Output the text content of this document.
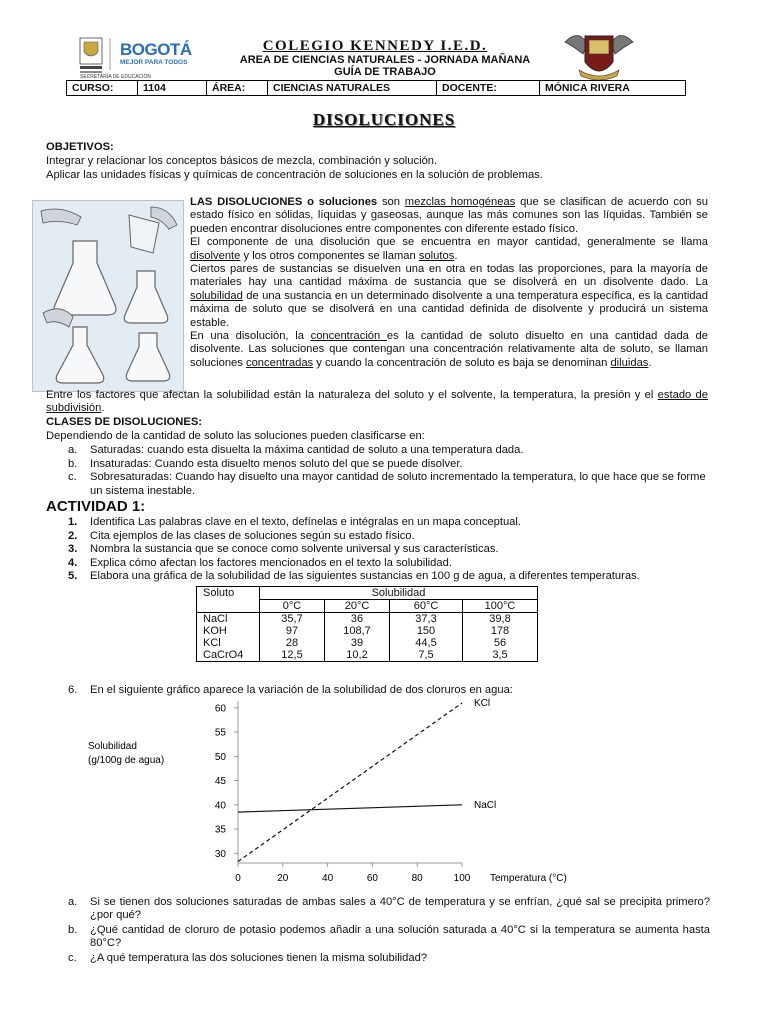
BOGOTÁ
MEJOR PARA TODOS
SECRETARÍA DE EDUCACIÓN
COLEGIO KENNEDY I.E.D.
AREA DE CIENCIAS NATURALES - JORNADA MAÑANA
GUÍA DE TRABAJO
CURSO:	1104	ÁREA:	CIENCIAS NATURALES	DOCENTE:	MÓNICA RIVERA
DISOLUCIONES
OBJETIVOS:
Integrar y relacionar los conceptos básicos de mezcla, combinación y solución.
Aplicar las unidades físicas y químicas de concentración de soluciones en la solución de problemas.
LAS DISOLUCIONES o soluciones son mezclas homogéneas que se clasifican de acuerdo con su estado físico en sólidas, líquidas y gaseosas, aunque las más comunes son las líquidas. También se pueden encontrar disoluciones entre componentes con diferente estado físico.
El componente de una disolución que se encuentra en mayor cantidad, generalmente se llama disolvente y los otros componentes se llaman solutos.
Ciertos pares de sustancias se disuelven una en otra en todas las proporciones, para la mayoría de materiales hay una cantidad máxima de sustancia que se disolverá en un disolvente dado. La solubilidad de una sustancia en un determinado disolvente a una temperatura específica, es la cantidad máxima de soluto que se disolverá en una cantidad definida de disolvente y producirá un sistema estable.
En una disolución, la concentración es la cantidad de soluto disuelto en una cantidad dada de disolvente. Las soluciones que contengan una concentración relativamente alta de soluto, se llaman soluciones concentradas y cuando la concentración de soluto es baja se denominan diluidas.
Entre los factores que afectan la solubilidad están la naturaleza del soluto y el solvente, la temperatura, la presión y el estado de subdivisión.
CLASES DE DISOLUCIONES:
Dependiendo de la cantidad de soluto las soluciones pueden clasificarse en:
a. Saturadas: cuando esta disuelta la máxima cantidad de soluto a una temperatura dada.
b. Insaturadas: Cuando esta disuelto menos soluto del que se puede disolver.
c. Sobresaturadas: Cuando hay disuelto una mayor cantidad de soluto incrementado la temperatura, lo que hace que se forme un sistema inestable.
ACTIVIDAD 1:
1. Identifica Las palabras clave en el texto, defínelas e intégralas en un mapa conceptual.
2. Cita ejemplos de las clases de soluciones según su estado físico.
3. Nombra la sustancia que se conoce como solvente universal y sus características.
4. Explica cómo afectan los factores mencionados en el texto la solubilidad.
5. Elabora una gráfica de la solubilidad de las siguientes sustancias en 100 g de agua, a diferentes temperaturas.
Soluto	Solubilidad			
	0°C	20°C	60°C	100°C
NaCl	35,7	36	37,3	39,8
KOH	97	108,7	150	178
KCl	28	39	44,5	56
CaCrO4	12,5	10,2	7,5	3,5
6. En el siguiente gráfico aparece la variación de la solubilidad de dos cloruros en agua:
30
35
40
45
50
55
60
0	20	40	60	80	100
KCl
NaCl
Solubilidad
(g/100g de agua)
Temperatura (°C)
a. Si se tienen dos soluciones saturadas de ambas sales a 40°C de temperatura y se enfrían, ¿qué sal se precipita primero? ¿por qué?
b. ¿Qué cantidad de cloruro de potasio podemos añadir a una solución saturada a 40°C si la temperatura se aumenta hasta 80°C?
c. ¿A qué temperatura las dos soluciones tienen la misma solubilidad?
